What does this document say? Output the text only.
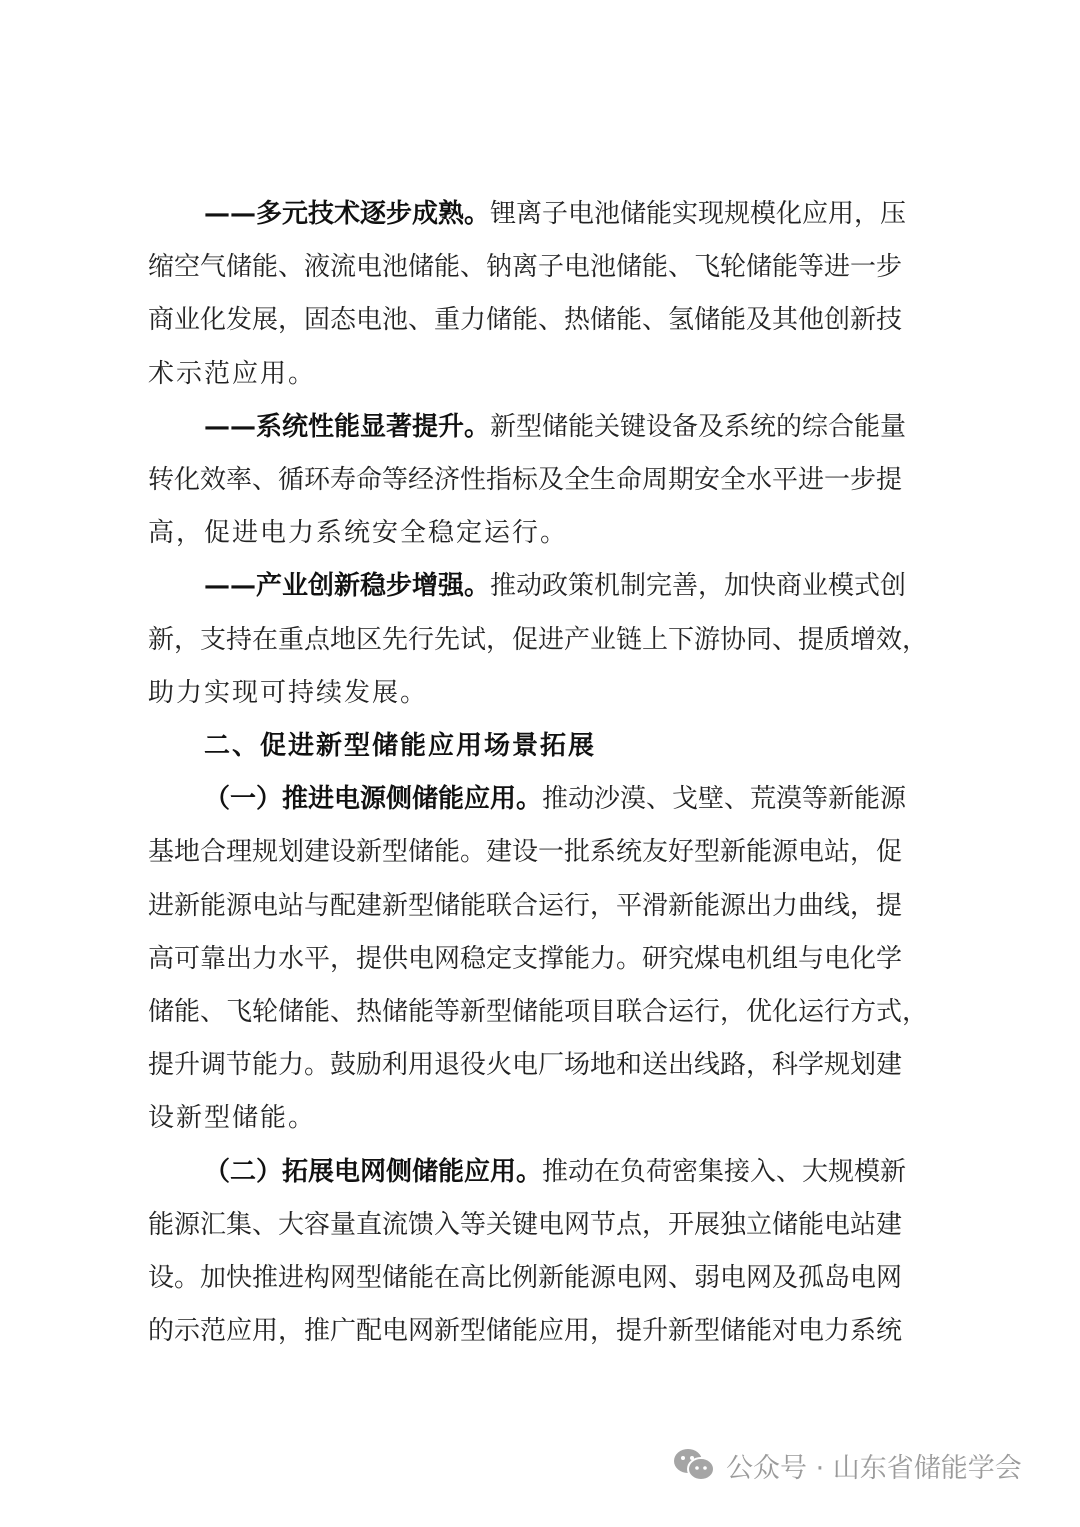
——多元技术逐步成熟。锂离子电池储能实现规模化应用，压
缩空气储能、液流电池储能、钠离子电池储能、飞轮储能等进一步
商业化发展，固态电池、重力储能、热储能、氢储能及其他创新技
术示范应用。
——系统性能显著提升。新型储能关键设备及系统的综合能量
转化效率、循环寿命等经济性指标及全生命周期安全水平进一步提
高，促进电力系统安全稳定运行。
——产业创新稳步增强。推动政策机制完善，加快商业模式创
新，支持在重点地区先行先试，促进产业链上下游协同、提质增效，
助力实现可持续发展。
二、促进新型储能应用场景拓展
（一）推进电源侧储能应用。推动沙漠、戈壁、荒漠等新能源
基地合理规划建设新型储能。建设一批系统友好型新能源电站，促
进新能源电站与配建新型储能联合运行，平滑新能源出力曲线，提
高可靠出力水平，提供电网稳定支撑能力。研究煤电机组与电化学
储能、飞轮储能、热储能等新型储能项目联合运行，优化运行方式，
提升调节能力。鼓励利用退役火电厂场地和送出线路，科学规划建
设新型储能。
（二）拓展电网侧储能应用。推动在负荷密集接入、大规模新
能源汇集、大容量直流馈入等关键电网节点，开展独立储能电站建
设。加快推进构网型储能在高比例新能源电网、弱电网及孤岛电网
的示范应用，推广配电网新型储能应用，提升新型储能对电力系统
公众号 · 山东省储能学会
